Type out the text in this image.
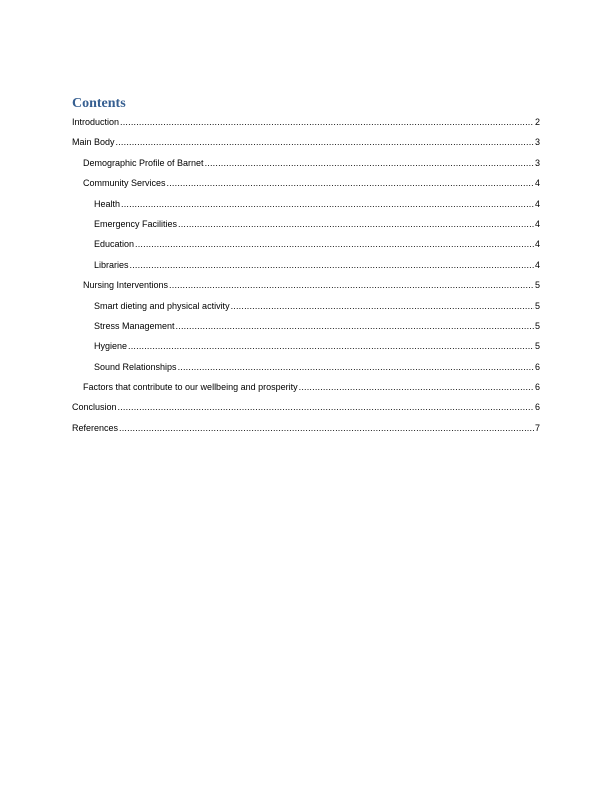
Contents
Introduction .....	2
Main Body .....	3
Demographic Profile of Barnet .....	3
Community Services .....	4
Health .....	4
Emergency Facilities .....	4
Education .....	4
Libraries .....	4
Nursing Interventions .....	5
Smart dieting and physical activity .....	5
Stress Management .....	5
Hygiene .....	5
Sound Relationships .....	6
Factors that contribute to our wellbeing and prosperity .....	6
Conclusion .....	6
References .....	7
